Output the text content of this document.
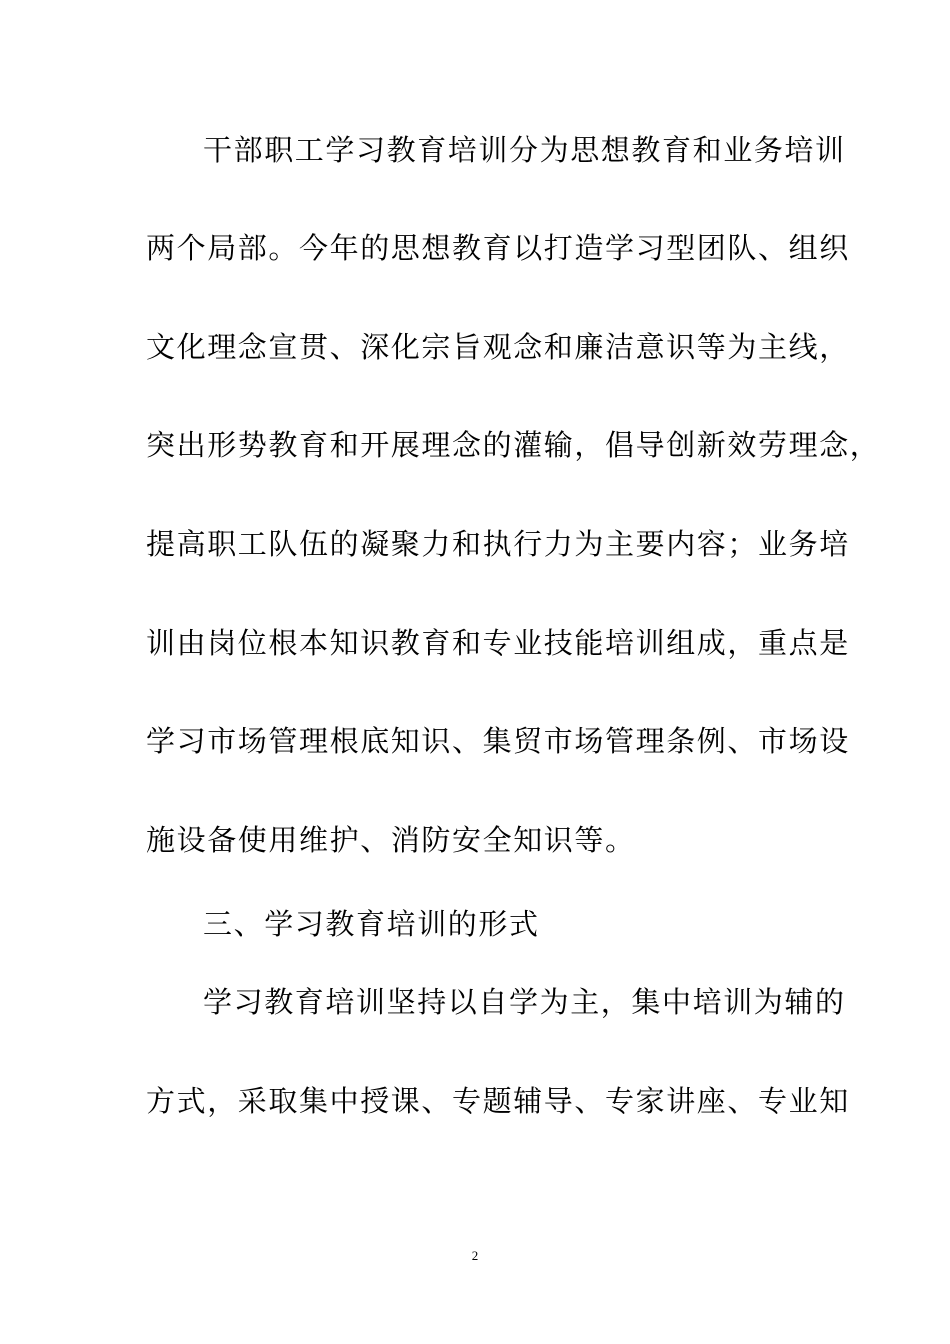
干部职工学习教育培训分为思想教育和业务培训
两个局部。今年的思想教育以打造学习型团队、组织
文化理念宣贯、深化宗旨观念和廉洁意识等为主线，
突出形势教育和开展理念的灌输，倡导创新效劳理念，
提高职工队伍的凝聚力和执行力为主要内容；业务培
训由岗位根本知识教育和专业技能培训组成，重点是
学习市场管理根底知识、集贸市场管理条例、市场设
施设备使用维护、消防安全知识等。
三、学习教育培训的形式
学习教育培训坚持以自学为主，集中培训为辅的
方式，采取集中授课、专题辅导、专家讲座、专业知
2
